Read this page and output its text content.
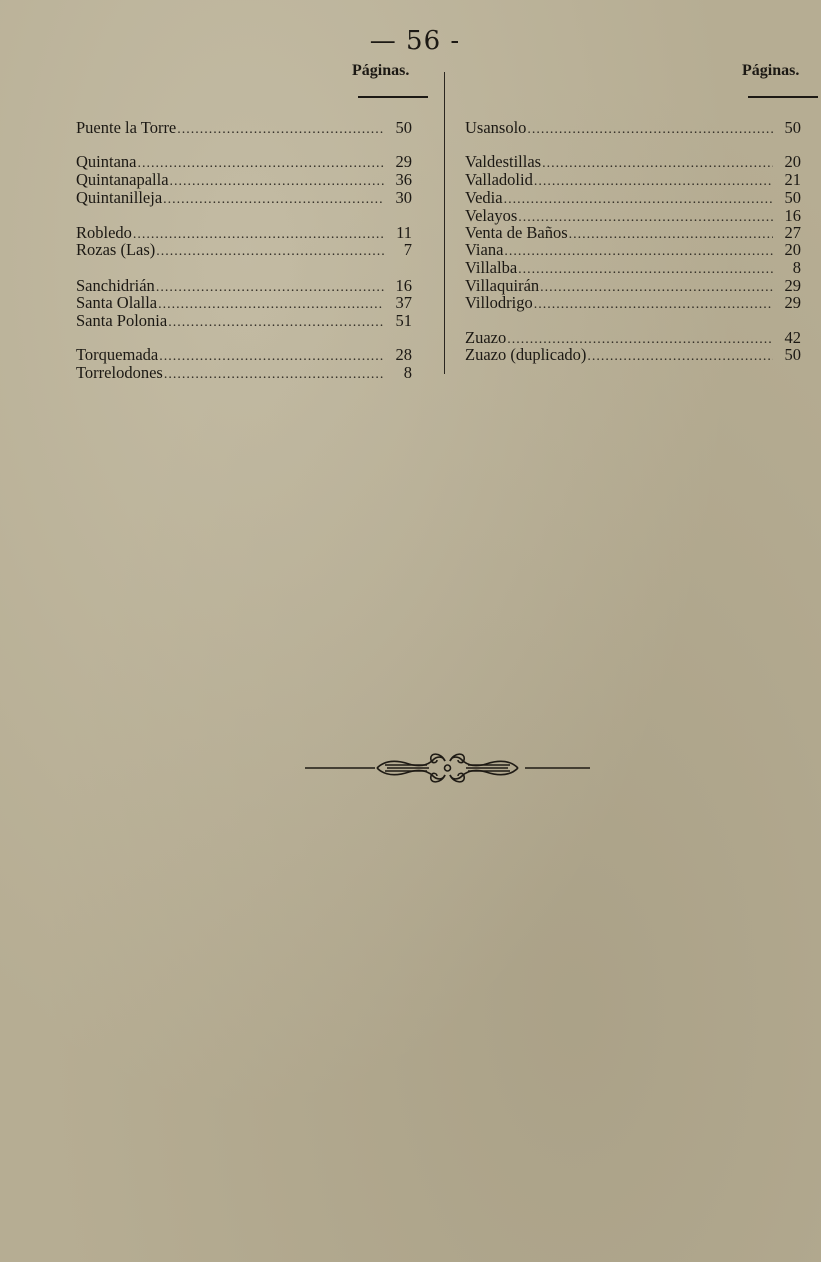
— 56 -
Páginas.	Páginas.
Puente la Torre .....	50
Quintana .....	29
Quintanapalla .....	36
Quintanilleja .....	30
Robledo .....	11
Rozas (Las) .....	7
Sanchidrián .....	16
Santa Olalla .....	37
Santa Polonia .....	51
Torquemada .....	28
Torrelodones .....	8
Usansolo .....	50
Valdestillas .....	20
Valladolid .....	21
Vedia .....	50
Velayos .....	16
Venta de Baños .....	27
Viana .....	20
Villalba .....	8
Villaquirán .....	29
Villodrigo .....	29
Zuazo .....	42
Zuazo (duplicado) .....	50
